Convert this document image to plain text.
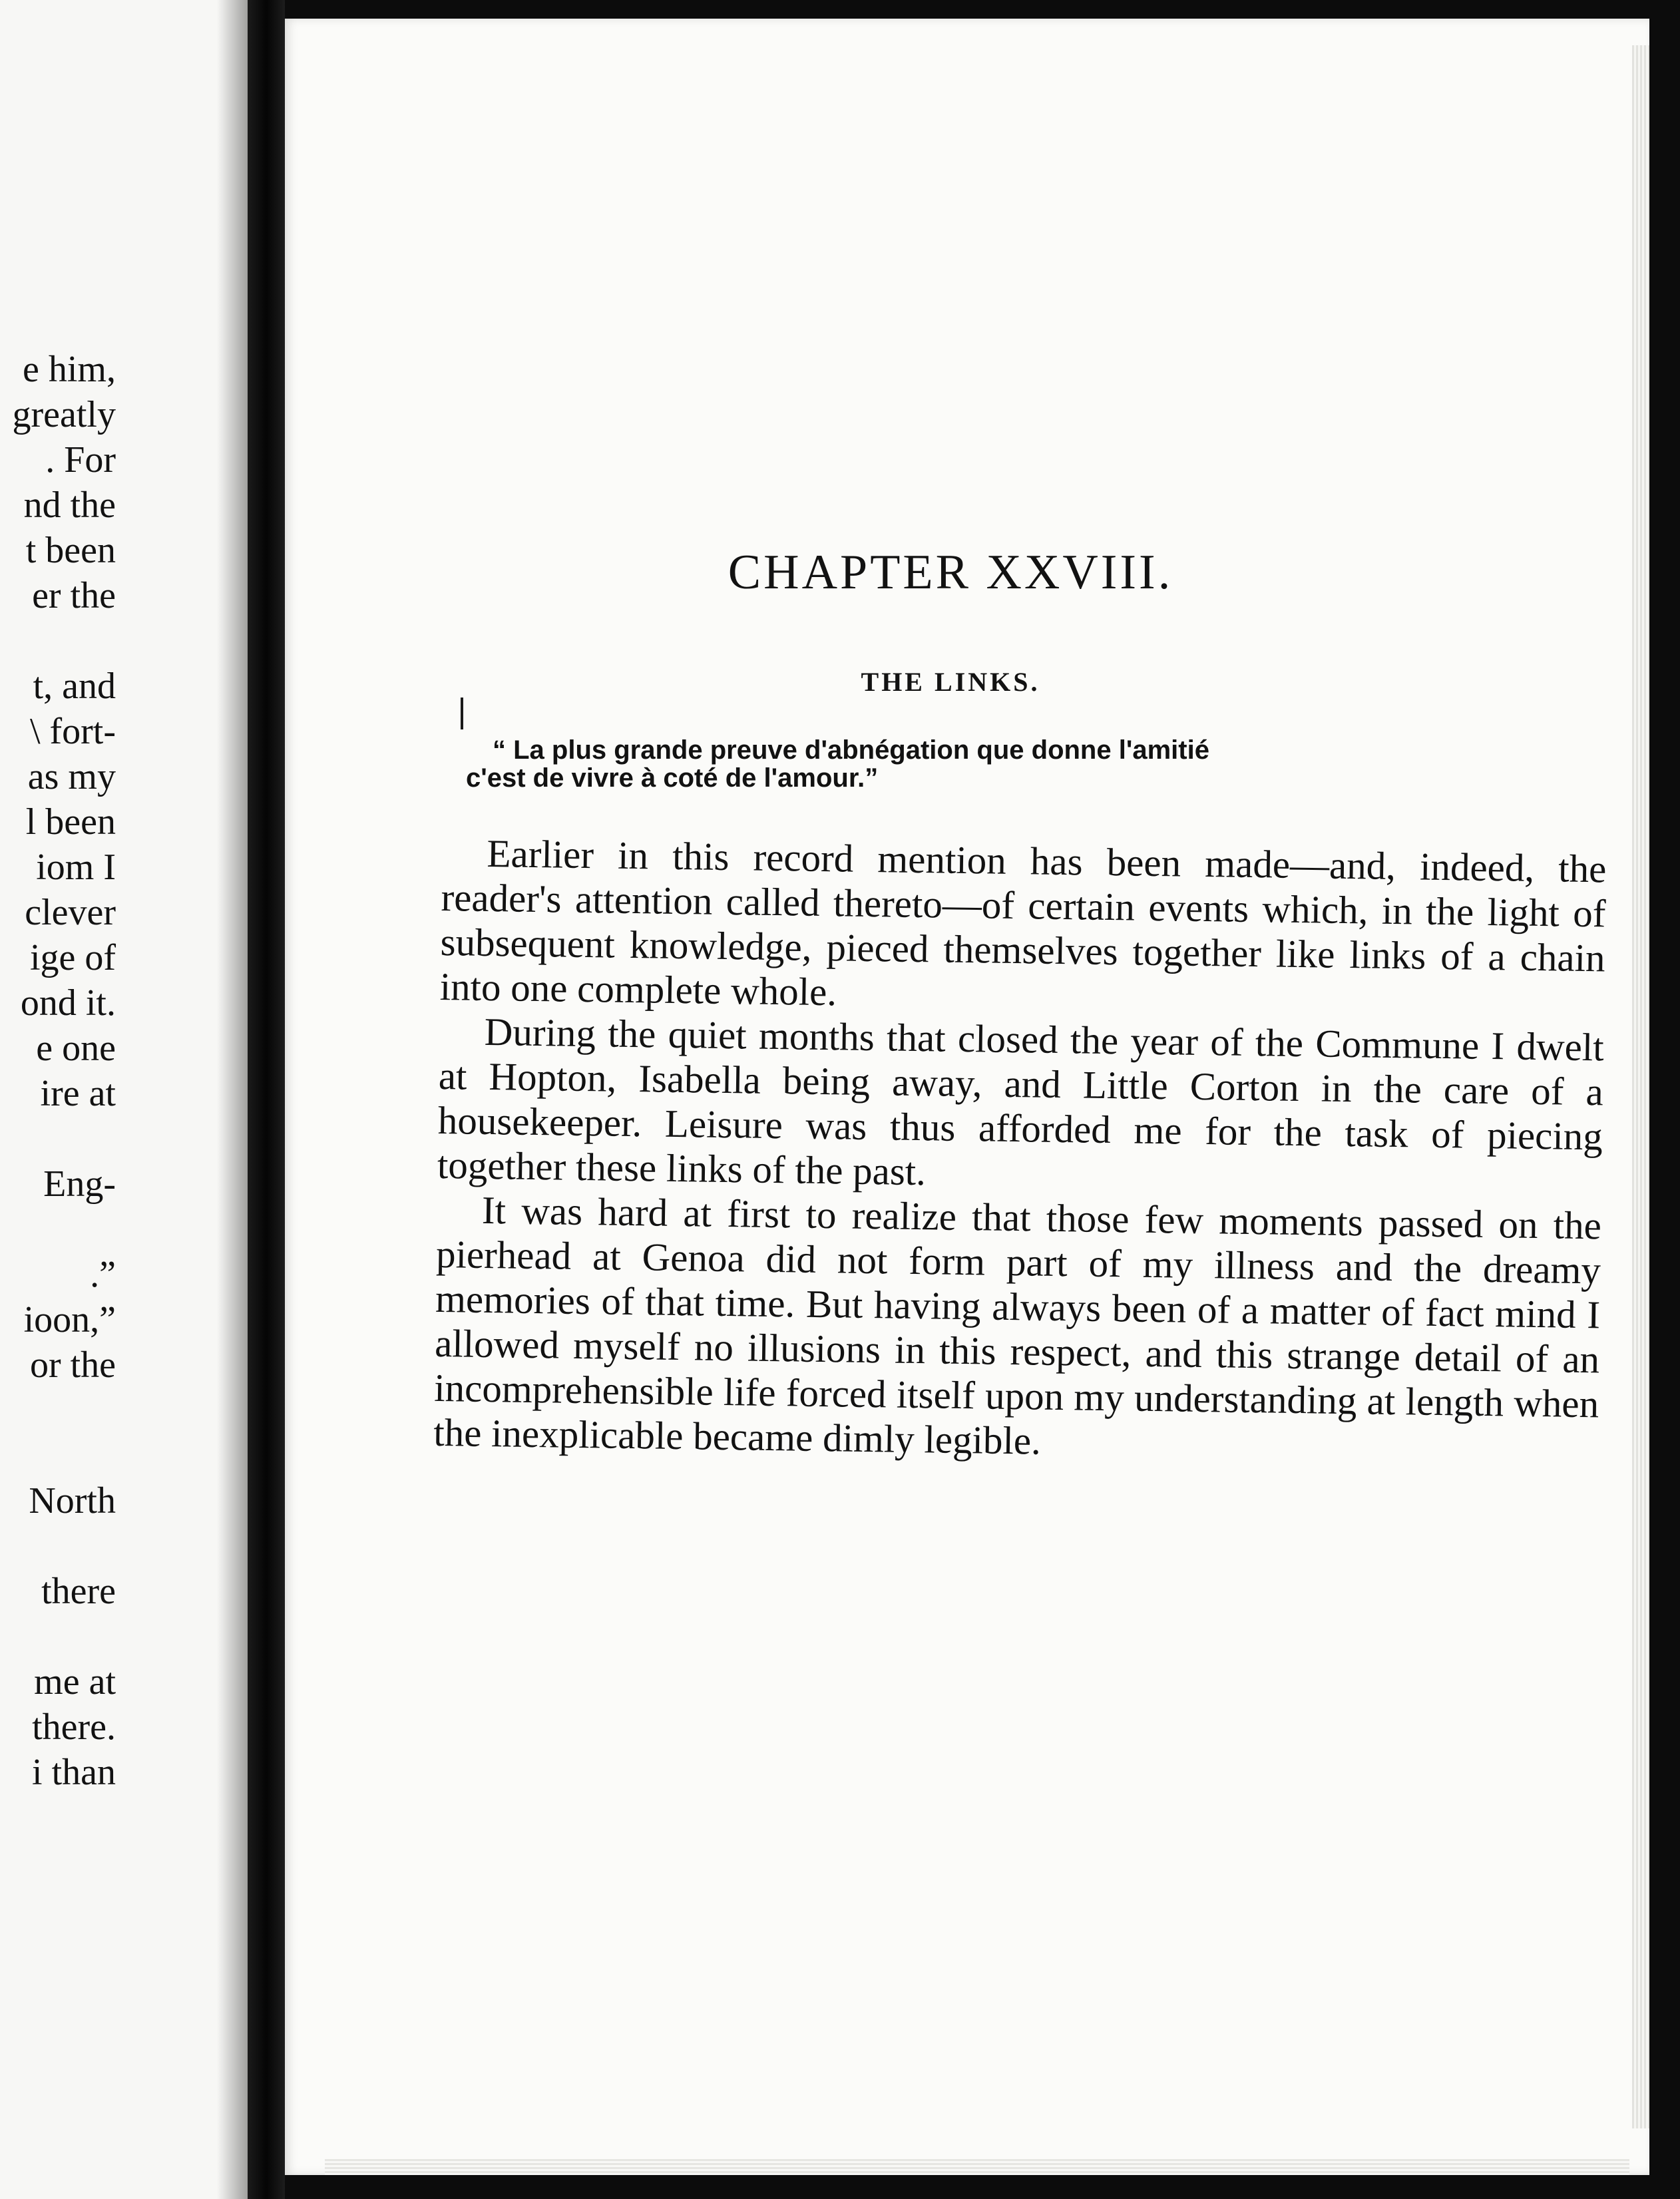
e him,
greatly
. For
nd the
t been
er the
t, and
\ fort-
as my
l been
iom I
clever
ige of
ond it.
e one
ire at
Eng-
.”
ioon,”
or the
North
there
me at
there.
i than
CHAPTER XXVIII.
THE LINKS.
“ La plus grande preuve d'abnégation que donne l'amitié
c'est de vivre à coté de l'amour.”

Earlier in this record mention has been made—and, indeed, the reader's attention called thereto—of certain events which, in the light of subsequent knowledge, pieced themselves together like links of a chain into one complete whole.

During the quiet months that closed the year of the Commune I dwelt at Hopton, Isabella being away, and Little Corton in the care of a housekeeper. Leisure was thus afforded me for the task of piecing together these links of the past.

It was hard at first to realize that those few moments passed on the pierhead at Genoa did not form part of my illness and the dreamy memories of that time. But having always been of a matter of fact mind I allowed myself no illusions in this respect, and this strange detail of an incomprehensible life forced itself upon my understanding at length when the inexplicable became dimly legible.
